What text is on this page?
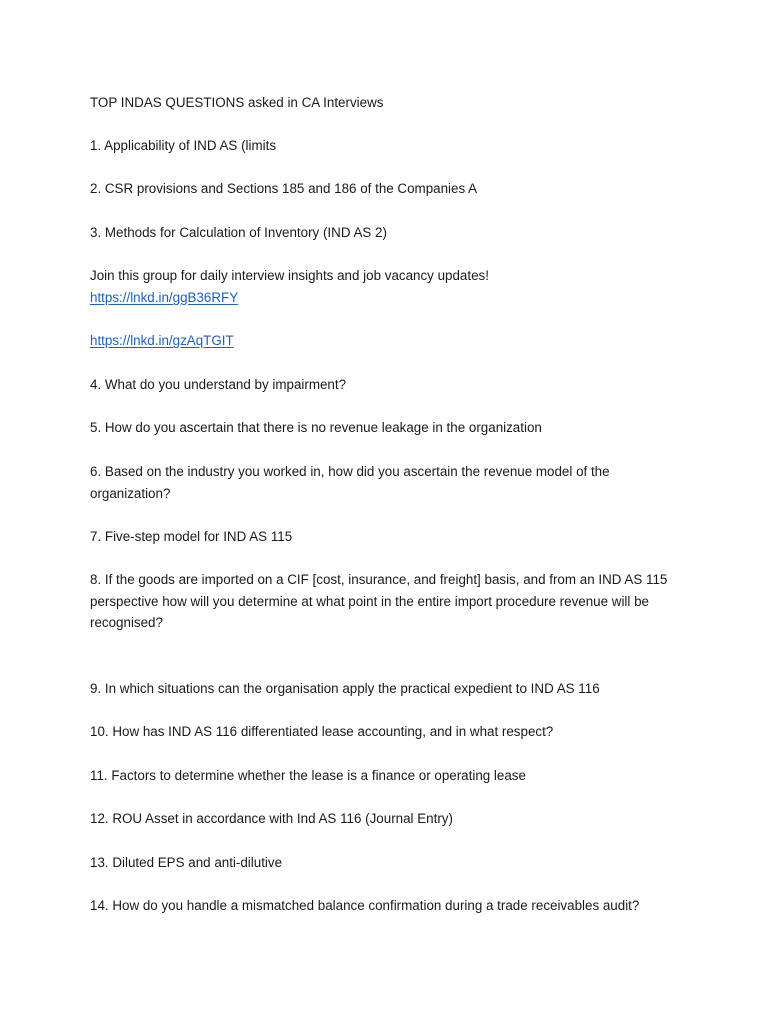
TOP INDAS QUESTIONS asked in CA Interviews

1. Applicability of IND AS (limits

2. CSR provisions and Sections 185 and 186 of the Companies A

3. Methods for Calculation of Inventory (IND AS 2)

Join this group for daily interview insights and job vacancy updates!

https://lnkd.in/ggB36RFY

https://lnkd.in/gzAqTGIT

4. What do you understand by impairment?

5. How do you ascertain that there is no revenue leakage in the organization

6. Based on the industry you worked in, how did you ascertain the revenue model of the organization?

7. Five-step model for IND AS 115

8. If the goods are imported on a CIF [cost, insurance, and freight] basis, and from an IND AS 115 perspective how will you determine at what point in the entire import procedure revenue will be recognised?

9. In which situations can the organisation apply the practical expedient to IND AS 116

10. How has IND AS 116 differentiated lease accounting, and in what respect?

11. Factors to determine whether the lease is a finance or operating lease

12. ROU Asset in accordance with Ind AS 116 (Journal Entry)

13. Diluted EPS and anti-dilutive

14. How do you handle a mismatched balance confirmation during a trade receivables audit?
